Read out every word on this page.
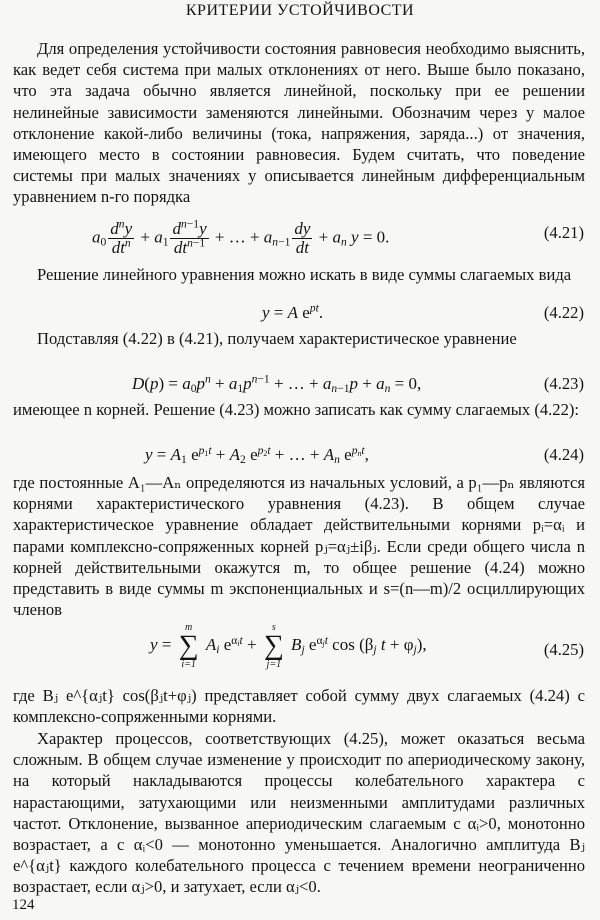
КРИТЕРИИ УСТОЙЧИВОСТИ

Для определения устойчивости состояния равновесия необходимо выяснить, как ведет себя система при малых отклонениях от него. Выше было показано, что эта задача обычно является линейной, поскольку при ее решении нелинейные зависимости заменяются линейными. Обозначим через y малое отклонение какой-либо величины (тока, напряжения, заряда...) от значения, имеющего место в состоянии равновесия. Будем считать, что поведение системы при малых значениях y описывается линейным дифференциальным уравнением n-го порядка

$a_0 \frac{d^ny}{dt^n} + a_1 \frac{d^{n-1}y}{dt^{n-1}}$ + … + $a_{n-1} \frac{dy}{dt} + a_n$ y = 0.	(4.21)

Решение линейного уравнения можно искать в виде суммы слагаемых вида

y = A $e^{pt}$.	(4.22)

Подставляя (4.22) в (4.21), получаем характеристическое уравнение

$D(p) = a_0p^n + a_1p^{n-1}$ + … + $a_{n-1}p + a_n = 0$,	(4.23)

имеющее n корней. Решение (4.23) можно записать как сумму слагаемых (4.22):

$y = A_1$ $e^{p_1t} + A_2$ $e^{p_2t}$ + … + $A_n$ $e^{p_nt}$,	(4.24)

где постоянные A₁—Aₙ определяются из начальных условий, а p₁—pₙ являются корнями характеристического уравнения (4.23). В общем случае характеристическое уравнение обладает действительными корнями pᵢ=αᵢ и парами комплексно-сопряженных корней pⱼ=αⱼ±iβⱼ. Если среди общего числа n корней действительными окажутся m, то общее решение (4.24) можно представить в виде суммы m экспоненциальных и s=(n—m)/2 осциллирующих членов

y =
m
∑
i=1
$A_i$ $e^{\alpha_it}$ +
s
∑
j=1
$B_j$ $e^{\alpha_jt}$ $\cos (\beta_j$ $t + \varphi_j$),	(4.25)

где Bⱼ e^{αⱼt} cos(βⱼt+φⱼ) представляет собой сумму двух слагаемых (4.24) с комплексно-сопряженными корнями.

Характер процессов, соответствующих (4.25), может оказаться весьма сложным. В общем случае изменение y происходит по апериодическому закону, на который накладываются процессы колебательного характера с нарастающими, затухающими или неизменными амплитудами различных частот. Отклонение, вызванное апериодическим слагаемым с αᵢ>0, монотонно возрастает, а с αᵢ<0 — монотонно уменьшается. Аналогично амплитуда Bⱼ e^{αⱼt} каждого колебательного процесса с течением времени неограниченно возрастает, если αⱼ>0, и затухает, если αⱼ<0.

124
